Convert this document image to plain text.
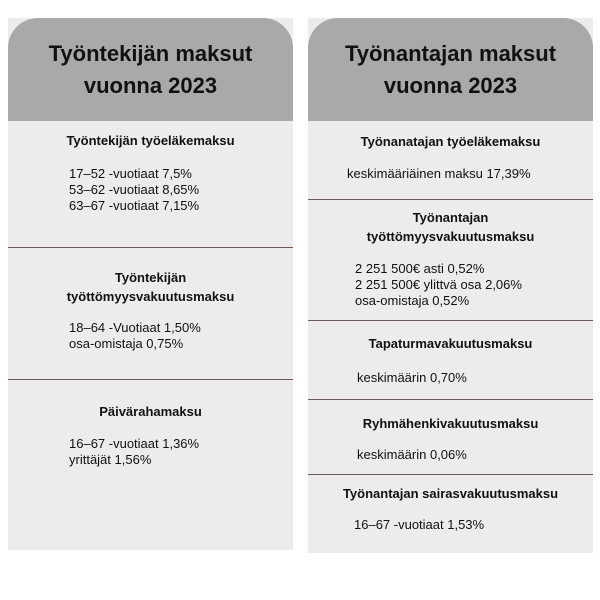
Työntekijän maksut
vuonna 2023
Työntekijän työeläkemaksu
17–52 -vuotiaat 7,5%
53–62 -vuotiaat 8,65%
63–67 -vuotiaat 7,15%
Työntekijän
työttömyysvakuutusmaksu
18–64 -Vuotiaat 1,50%
osa-omistaja 0,75%
Päivärahamaksu
16–67 -vuotiaat 1,36%
yrittäjät 1,56%
Työnantajan maksut
vuonna 2023
Työnanatajan työeläkemaksu
keskimääriäinen maksu 17,39%
Työnantajan
työttömyysvakuutusmaksu
2 251 500€ asti 0,52%
2 251 500€ ylittvä osa 2,06%
osa-omistaja 0,52%
Tapaturmavakuutusmaksu
keskimäärin 0,70%
Ryhmähenkivakuutusmaksu
keskimäärin 0,06%
Työnantajan sairasvakuutusmaksu
16–67 -vuotiaat 1,53%
